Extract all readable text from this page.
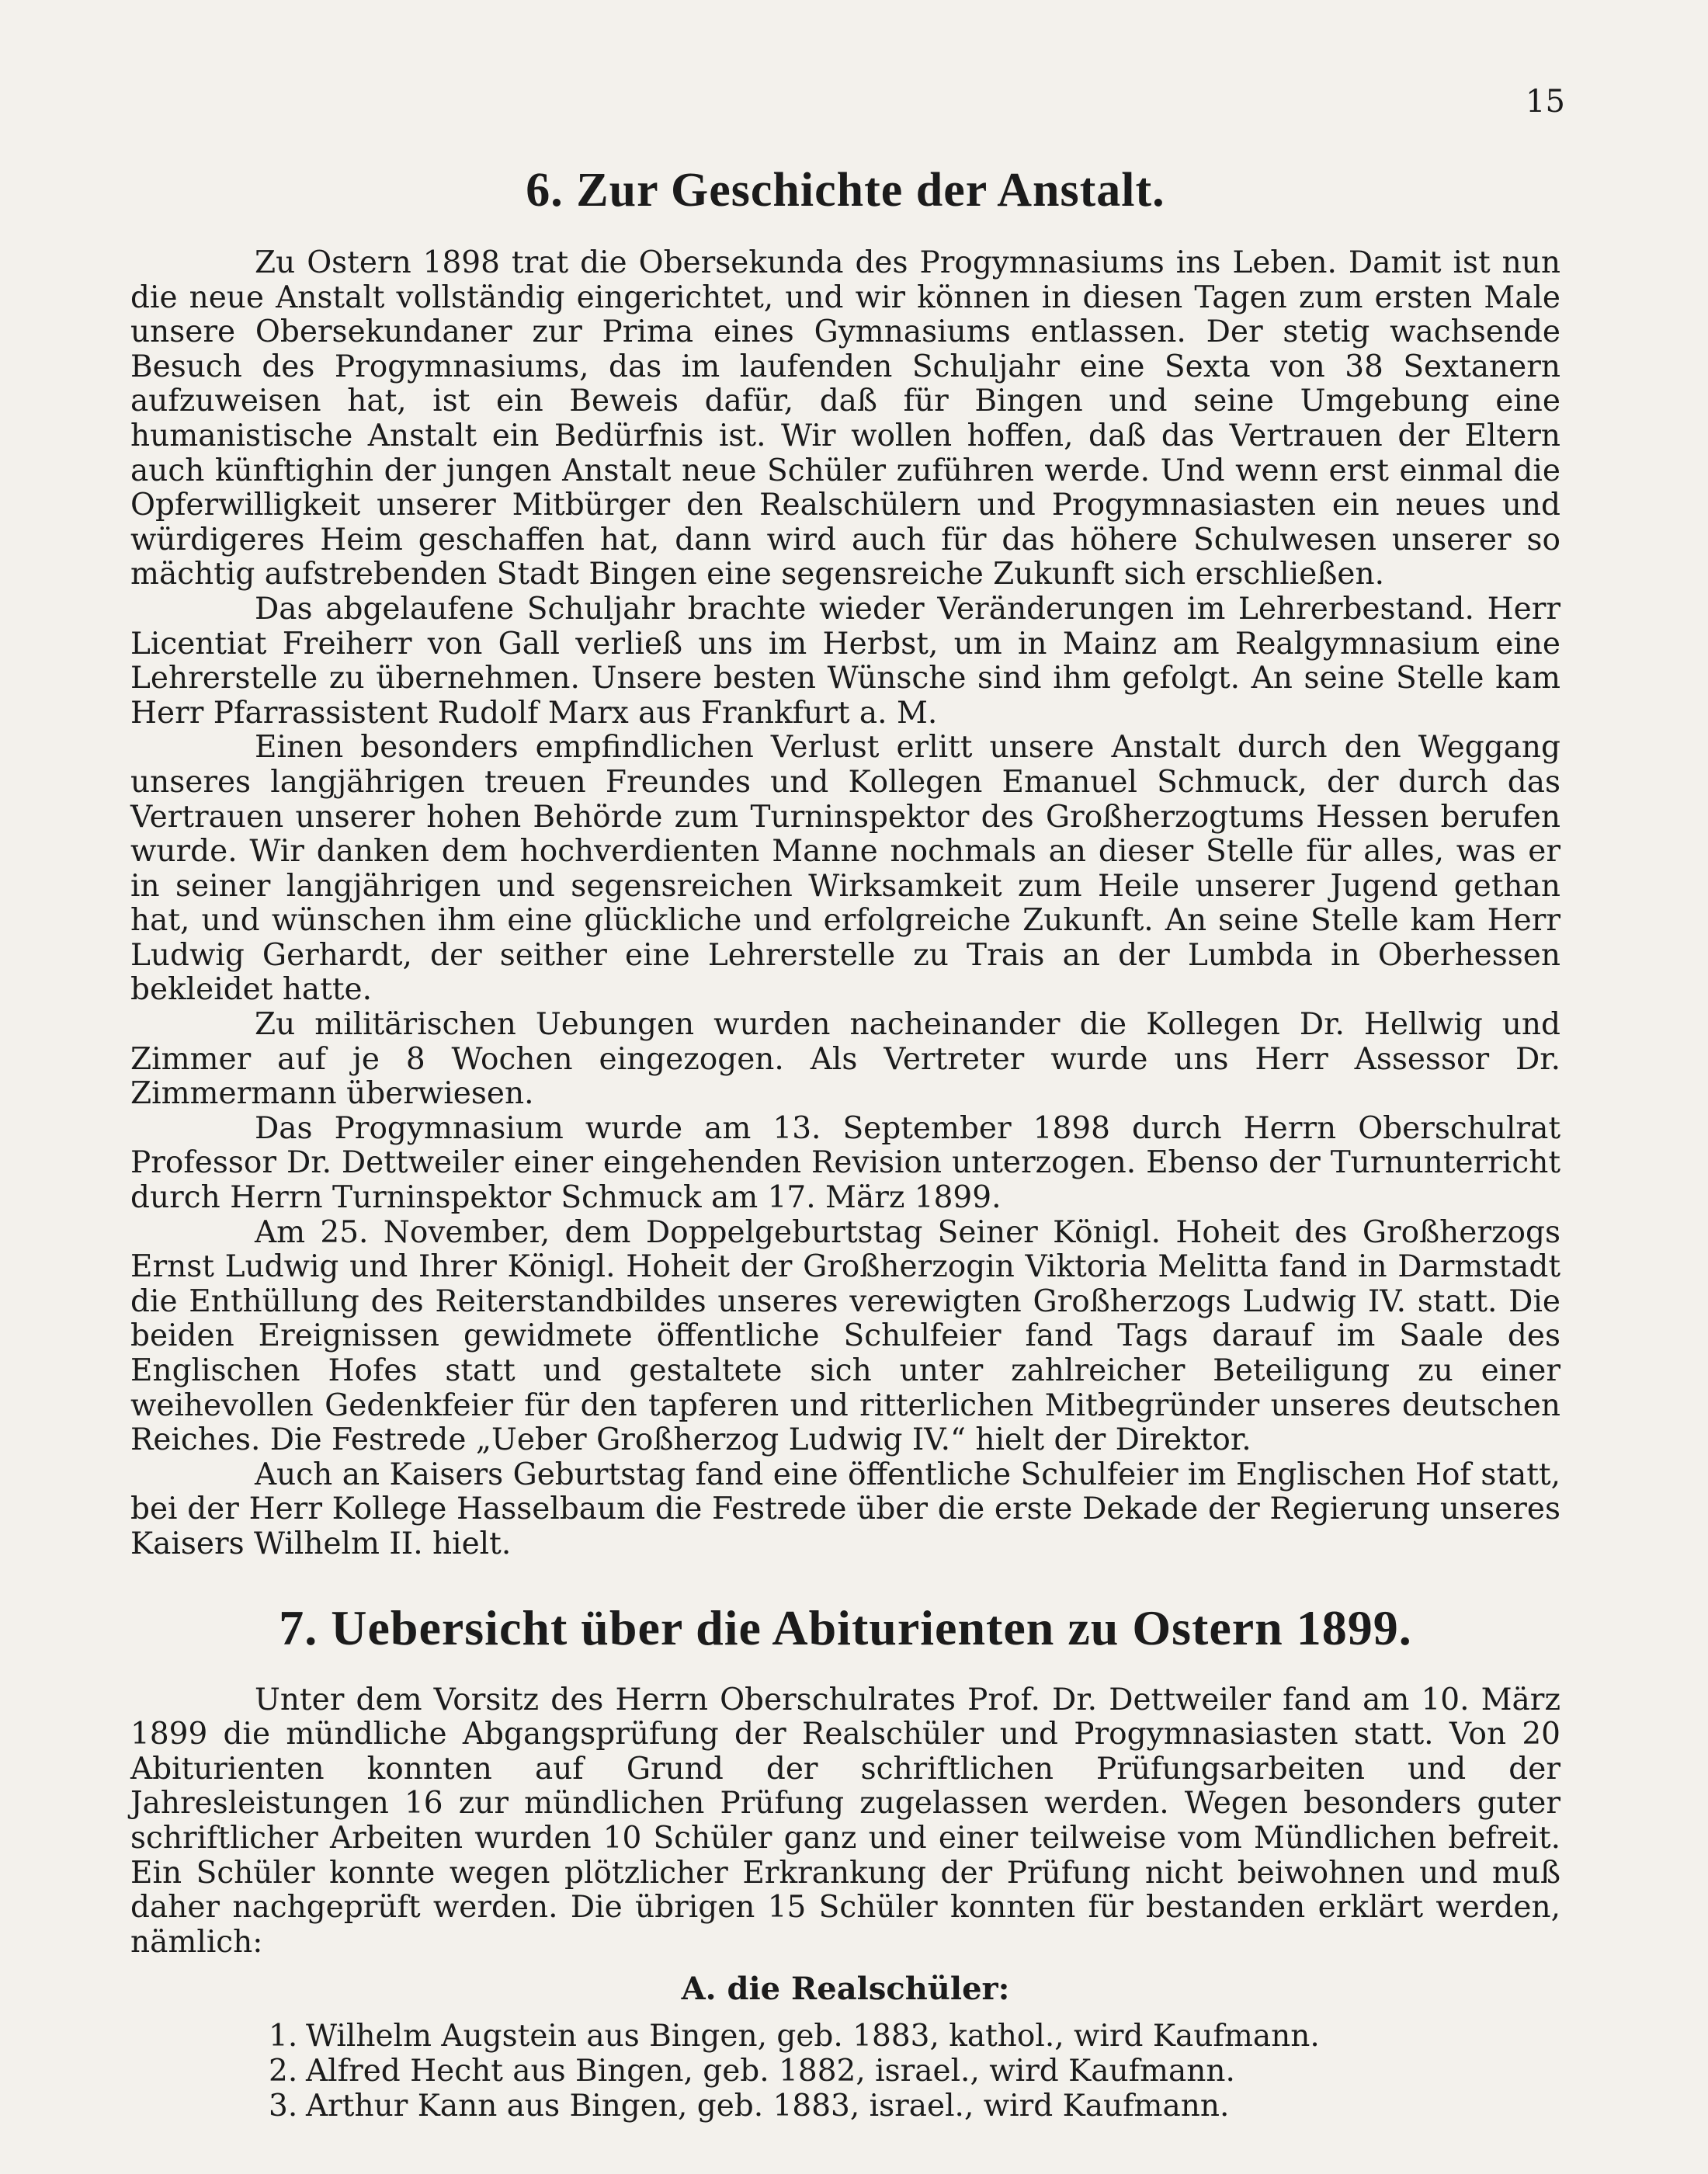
15
6. Zur Geschichte der Anstalt.

Zu Ostern 1898 trat die Obersekunda des Progymnasiums ins Leben. Damit ist nun die neue Anstalt vollständig eingerichtet, und wir können in diesen Tagen zum ersten Male unsere Obersekundaner zur Prima eines Gymnasiums entlassen. Der stetig wachsende Besuch des Progymnasiums, das im laufenden Schuljahr eine Sexta von 38 Sextanern aufzuweisen hat, ist ein Beweis dafür, daß für Bingen und seine Umgebung eine humanistische Anstalt ein Bedürfnis ist. Wir wollen hoffen, daß das Vertrauen der Eltern auch künftighin der jungen Anstalt neue Schüler zuführen werde. Und wenn erst einmal die Opferwilligkeit unserer Mitbürger den Realschülern und Progymnasiasten ein neues und würdigeres Heim geschaffen hat, dann wird auch für das höhere Schulwesen unserer so mächtig aufstrebenden Stadt Bingen eine segensreiche Zukunft sich erschließen.

Das abgelaufene Schuljahr brachte wieder Veränderungen im Lehrerbestand. Herr Licentiat Freiherr von Gall verließ uns im Herbst, um in Mainz am Realgymnasium eine Lehrerstelle zu übernehmen. Unsere besten Wünsche sind ihm gefolgt. An seine Stelle kam Herr Pfarrassistent Rudolf Marx aus Frankfurt a. M.

Einen besonders empfindlichen Verlust erlitt unsere Anstalt durch den Weggang unseres langjährigen treuen Freundes und Kollegen Emanuel Schmuck, der durch das Vertrauen unserer hohen Behörde zum Turninspektor des Großherzogtums Hessen berufen wurde. Wir danken dem hochverdienten Manne nochmals an dieser Stelle für alles, was er in seiner langjährigen und segensreichen Wirksamkeit zum Heile unserer Jugend gethan hat, und wünschen ihm eine glückliche und erfolgreiche Zukunft. An seine Stelle kam Herr Ludwig Gerhardt, der seither eine Lehrerstelle zu Trais an der Lumbda in Oberhessen bekleidet hatte.

Zu militärischen Uebungen wurden nacheinander die Kollegen Dr. Hellwig und Zimmer auf je 8 Wochen eingezogen. Als Vertreter wurde uns Herr Assessor Dr. Zimmermann überwiesen.

Das Progymnasium wurde am 13. September 1898 durch Herrn Oberschulrat Professor Dr. Dettweiler einer eingehenden Revision unterzogen. Ebenso der Turnunterricht durch Herrn Turninspektor Schmuck am 17. März 1899.

Am 25. November, dem Doppelgeburtstag Seiner Königl. Hoheit des Großherzogs Ernst Ludwig und Ihrer Königl. Hoheit der Großherzogin Viktoria Melitta fand in Darmstadt die Enthüllung des Reiterstandbildes unseres verewigten Großherzogs Ludwig IV. statt. Die beiden Ereignissen gewidmete öffentliche Schulfeier fand Tags darauf im Saale des Englischen Hofes statt und gestaltete sich unter zahlreicher Beteiligung zu einer weihevollen Gedenkfeier für den tapferen und ritterlichen Mitbegründer unseres deutschen Reiches. Die Festrede „Ueber Großherzog Ludwig IV.“ hielt der Direktor.

Auch an Kaisers Geburtstag fand eine öffentliche Schulfeier im Englischen Hof statt, bei der Herr Kollege Hasselbaum die Festrede über die erste Dekade der Regierung unseres Kaisers Wilhelm II. hielt.

7. Uebersicht über die Abiturienten zu Ostern 1899.

Unter dem Vorsitz des Herrn Oberschulrates Prof. Dr. Dettweiler fand am 10. März 1899 die mündliche Abgangsprüfung der Realschüler und Progymnasiasten statt. Von 20 Abiturienten konnten auf Grund der schriftlichen Prüfungsarbeiten und der Jahresleistungen 16 zur mündlichen Prüfung zugelassen werden. Wegen besonders guter schriftlicher Arbeiten wurden 10 Schüler ganz und einer teilweise vom Mündlichen befreit. Ein Schüler konnte wegen plötzlicher Erkrankung der Prüfung nicht beiwohnen und muß daher nachgeprüft werden. Die übrigen 15 Schüler konnten für bestanden erklärt werden, nämlich:

A. die Realschüler:
1. Wilhelm Augstein aus Bingen, geb. 1883, kathol., wird Kaufmann.
2. Alfred Hecht aus Bingen, geb. 1882, israel., wird Kaufmann.
3. Arthur Kann aus Bingen, geb. 1883, israel., wird Kaufmann.
